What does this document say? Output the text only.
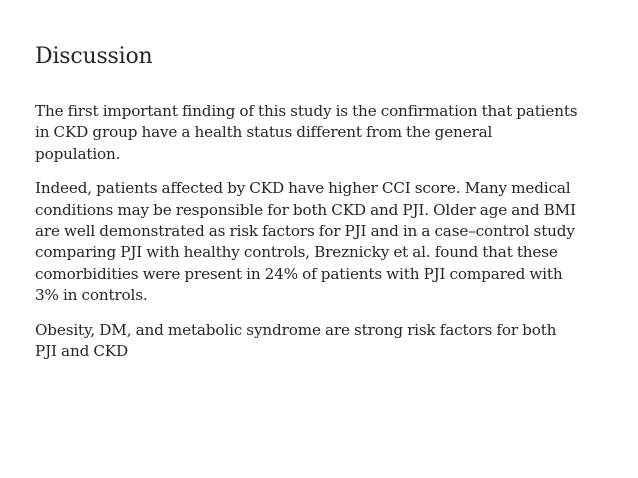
Discussion

The first important finding of this study is the confirmation that patients in CKD group have a health status different from the general population.

Indeed, patients affected by CKD have higher CCI score. Many medical conditions may be responsible for both CKD and PJI. Older age and BMI are well demonstrated as risk factors for PJI and in a case–control study comparing PJI with healthy controls, Breznicky et al. found that these comorbidities were present in 24% of patients with PJI compared with 3% in controls.

Obesity, DM, and metabolic syndrome are strong risk factors for both PJI and CKD
